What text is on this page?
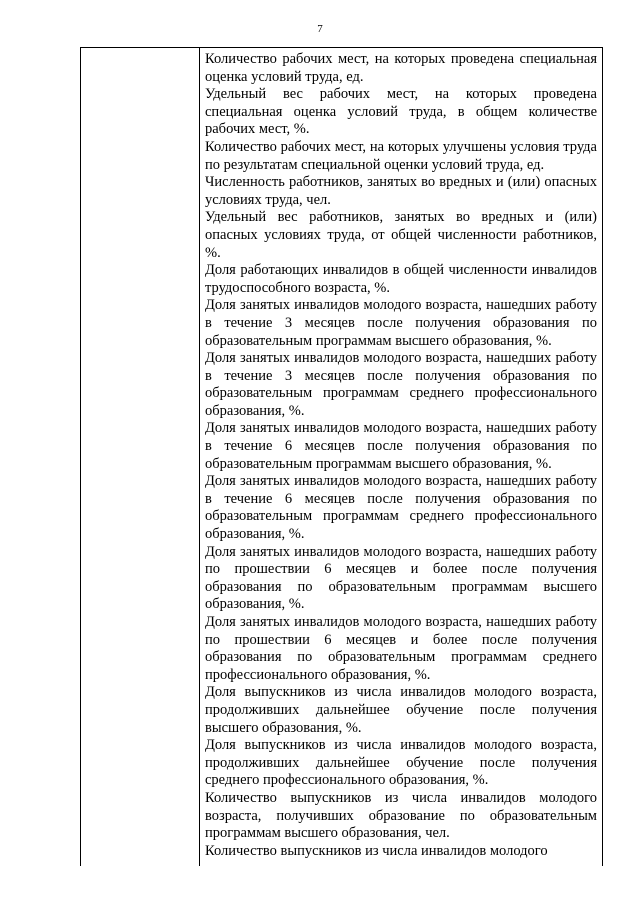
7

Количество рабочих мест, на которых проведена специальная оценка условий труда, ед.

Удельный вес рабочих мест, на которых проведена специальная оценка условий труда, в общем количестве рабочих мест, %.

Количество рабочих мест, на которых улучшены условия труда по результатам специальной оценки условий труда, ед.

Численность работников, занятых во вредных и (или) опасных условиях труда, чел.

Удельный вес работников, занятых во вредных и (или) опасных условиях труда, от общей численности работников, %.

Доля работающих инвалидов в общей численности инвалидов трудоспособного возраста, %.

Доля занятых инвалидов молодого возраста, нашедших работу в течение 3 месяцев после получения образования по образовательным программам высшего образования, %.

Доля занятых инвалидов молодого возраста, нашедших работу в течение 3 месяцев после получения образования по образовательным программам среднего профессионального образования, %.

Доля занятых инвалидов молодого возраста, нашедших работу в течение 6 месяцев после получения образования по образовательным программам высшего образования, %.

Доля занятых инвалидов молодого возраста, нашедших работу в течение 6 месяцев после получения образования по образовательным программам среднего профессионального образования, %.

Доля занятых инвалидов молодого возраста, нашедших работу по прошествии 6 месяцев и более после получения образования по образовательным программам высшего образования, %.

Доля занятых инвалидов молодого возраста, нашедших работу по прошествии 6 месяцев и более после получения образования по образовательным программам среднего профессионального образования, %.

Доля выпускников из числа инвалидов молодого возраста, продолживших дальнейшее обучение после получения высшего образования, %.

Доля выпускников из числа инвалидов молодого возраста, продолживших дальнейшее обучение после получения среднего профессионального образования, %.

Количество выпускников из числа инвалидов молодого возраста, получивших образование по образовательным программам высшего образования, чел.

Количество выпускников из числа инвалидов молодого
